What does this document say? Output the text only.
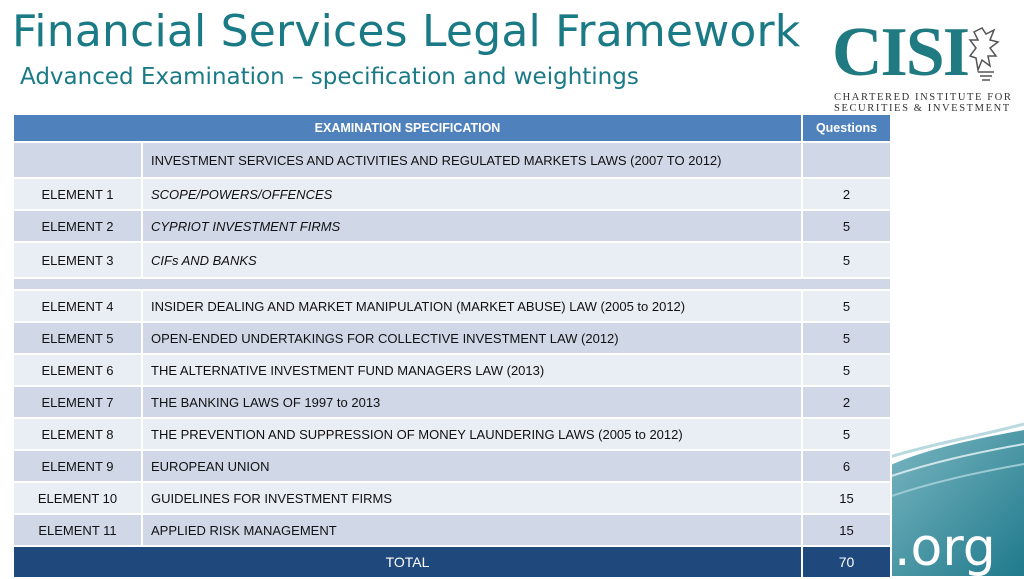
Financial Services Legal Framework
Advanced Examination – specification and weightings	CISI
CHARTERED INSTITUTE FOR
SECURITIES & INVESTMENT
.org
EXAMINATION SPECIFICATION		Questions
	INVESTMENT SERVICES AND ACTIVITIES AND REGULATED MARKETS LAWS (2007 TO 2012)	
ELEMENT 1	SCOPE/POWERS/OFFENCES	2
ELEMENT 2	CYPRIOT INVESTMENT FIRMS	5
ELEMENT 3	CIFs AND BANKS	5

ELEMENT 4	INSIDER DEALING AND MARKET MANIPULATION (MARKET ABUSE) LAW (2005 to 2012)	5
ELEMENT 5	OPEN-ENDED UNDERTAKINGS FOR COLLECTIVE INVESTMENT LAW (2012)	5
ELEMENT 6	THE ALTERNATIVE INVESTMENT FUND MANAGERS LAW (2013)	5
ELEMENT 7	THE BANKING LAWS OF 1997 to 2013	2
ELEMENT 8	THE PREVENTION AND SUPPRESSION OF MONEY LAUNDERING LAWS (2005 to 2012)	5
ELEMENT 9	EUROPEAN UNION	6
ELEMENT 10	GUIDELINES FOR INVESTMENT FIRMS	15
ELEMENT 11	APPLIED RISK MANAGEMENT	15
TOTAL		70
